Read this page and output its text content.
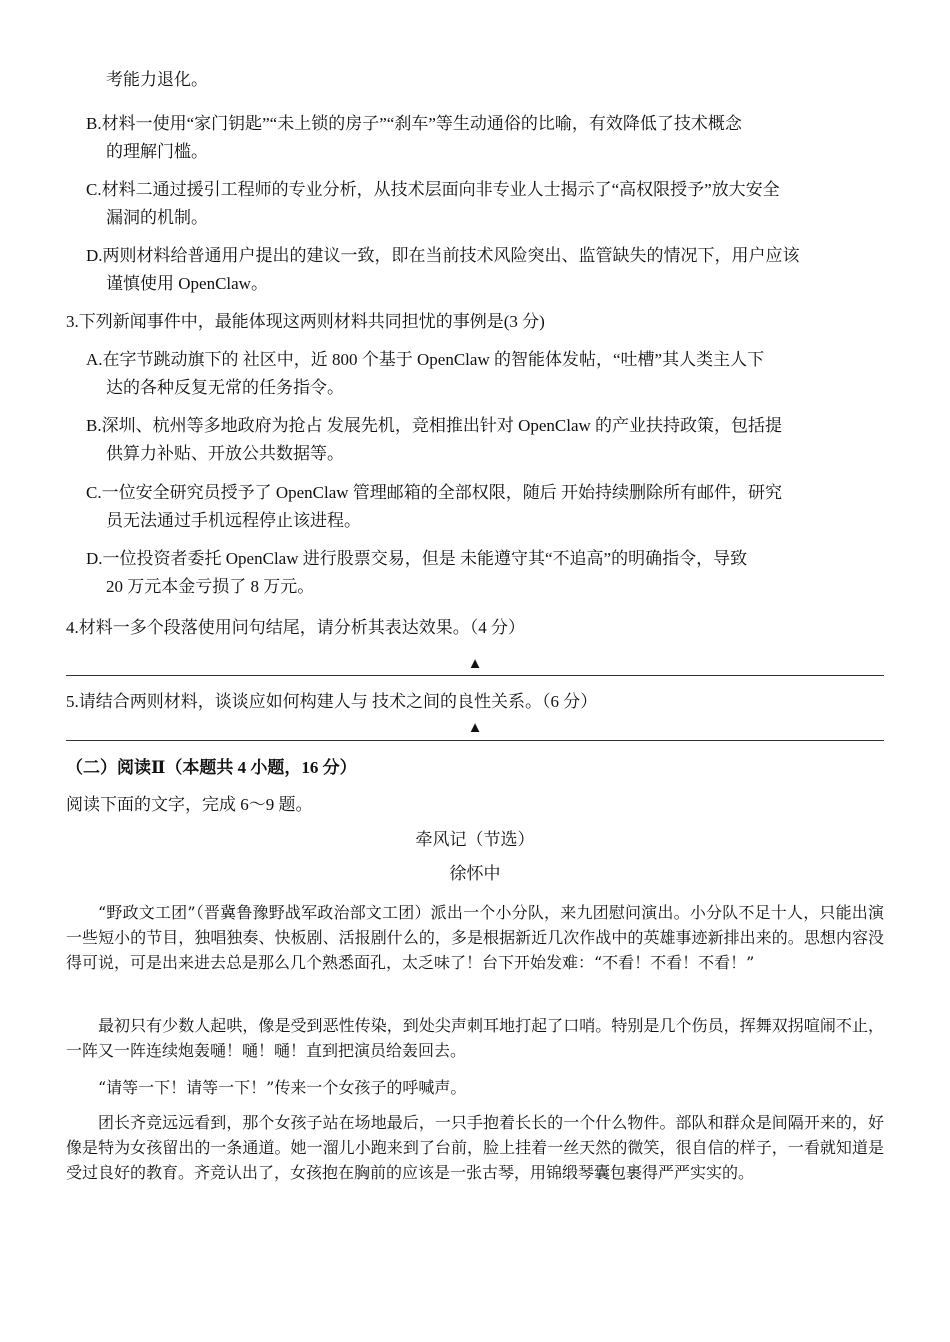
考能力退化。
B.材料一使用“家门钥匙”“未上锁的房子”“刹车”等生动通俗的比喻，有效降低了技术概念
的理解门槛。
C.材料二通过援引工程师的专业分析，从技术层面向非专业人士揭示了“高权限授予”放大安全
漏洞的机制。
D.两则材料给普通用户提出的建议一致，即在当前技术风险突出、监管缺失的情况下，用户应该
谨慎使用 OpenClaw。
3.下列新闻事件中，最能体现这两则材料共同担忧的事例是(3 分)
A.在字节跳动旗下的 社区中，近 800 个基于 OpenClaw 的智能体发帖，“吐槽”其人类主人下
达的各种反复无常的任务指令。
B.深圳、杭州等多地政府为抢占 发展先机，竞相推出针对 OpenClaw 的产业扶持政策，包括提
供算力补贴、开放公共数据等。
C.一位安全研究员授予了 OpenClaw 管理邮箱的全部权限，随后 开始持续删除所有邮件，研究
员无法通过手机远程停止该进程。
D.一位投资者委托 OpenClaw 进行股票交易，但是 未能遵守其“不追高”的明确指令，导致
20 万元本金亏损了 8 万元。
4.材料一多个段落使用问句结尾，请分析其表达效果。（4 分）
▲
5.请结合两则材料，谈谈应如何构建人与 技术之间的良性关系。（6 分）
▲
（二）阅读Ⅱ（本题共 4 小题，16 分）
阅读下面的文字，完成 6～9 题。
牵风记（节选）
徐怀中
“野政文工团”（晋冀鲁豫野战军政治部文工团）派出一个小分队，来九团慰问演出。小分队不足十人，只能出演一些短小的节目，独唱独奏、快板剧、活报剧什么的，多是根据新近几次作战中的英雄事迹新排出来的。思想内容没得可说，可是出来进去总是那么几个熟悉面孔，太乏味了！台下开始发难：“不看！不看！不看！”
最初只有少数人起哄，像是受到恶性传染，到处尖声刺耳地打起了口哨。特别是几个伤员，挥舞双拐喧闹不止，一阵又一阵连续炮轰嗵！嗵！嗵！直到把演员给轰回去。
“请等一下！请等一下！”传来一个女孩子的呼喊声。
团长齐竞远远看到，那个女孩子站在场地最后，一只手抱着长长的一个什么物件。部队和群众是间隔开来的，好像是特为女孩留出的一条通道。她一溜儿小跑来到了台前，脸上挂着一丝天然的微笑，很自信的样子，一看就知道是受过良好的教育。齐竞认出了，女孩抱在胸前的应该是一张古琴，用锦缎琴囊包裹得严严实实的。
